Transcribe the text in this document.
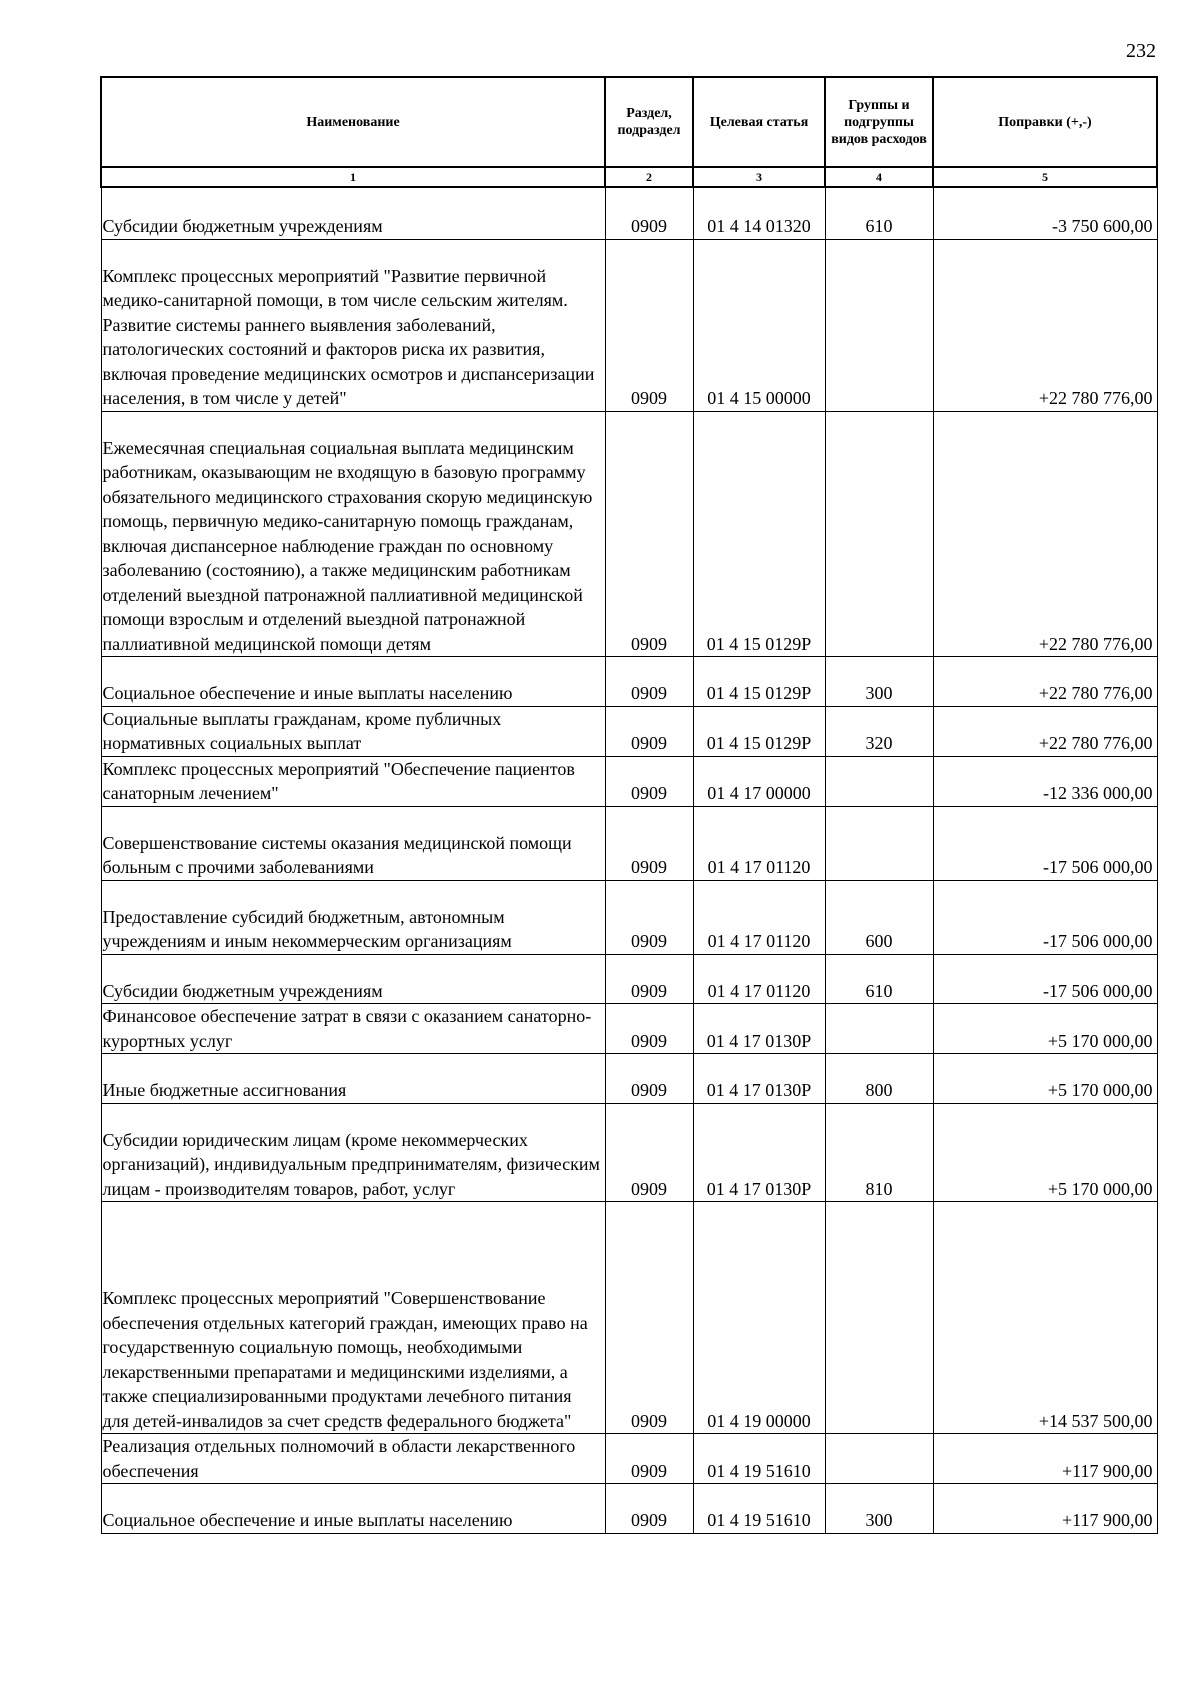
232
Наименование	Раздел, подраздел	Целевая статья	Группы и подгруппы видов расходов	Поправки (+,-)
1	2	3	4	5
Субсидии бюджетным учреждениям	0909	01 4 14 01320	610	-3 750 600,00
Комплекс процессных мероприятий "Развитие первичной медико-санитарной помощи, в том числе сельским жителям. Развитие системы раннего выявления заболеваний, патологических состояний и факторов риска их развития, включая проведение медицинских осмотров и диспансеризации населения, в том числе у детей"	0909	01 4 15 00000		+22 780 776,00
Ежемесячная специальная социальная выплата медицинским работникам, оказывающим не входящую в базовую программу обязательного медицинского страхования скорую медицинскую помощь, первичную медико-санитарную помощь гражданам, включая диспансерное наблюдение граждан по основному заболеванию (состоянию), а также медицинским работникам отделений выездной патронажной паллиативной медицинской помощи взрослым и отделений выездной патронажной паллиативной медицинской помощи детям	0909	01 4 15 0129P		+22 780 776,00
Социальное обеспечение и иные выплаты населению	0909	01 4 15 0129P	300	+22 780 776,00
Социальные выплаты гражданам, кроме публичных нормативных социальных выплат	0909	01 4 15 0129P	320	+22 780 776,00
Комплекс процессных мероприятий "Обеспечение пациентов санаторным лечением"	0909	01 4 17 00000		-12 336 000,00
Совершенствование системы оказания медицинской помощи больным с прочими заболеваниями	0909	01 4 17 01120		-17 506 000,00
Предоставление субсидий бюджетным, автономным учреждениям и иным некоммерческим организациям	0909	01 4 17 01120	600	-17 506 000,00
Субсидии бюджетным учреждениям	0909	01 4 17 01120	610	-17 506 000,00
Финансовое обеспечение затрат в связи с оказанием санаторно-курортных услуг	0909	01 4 17 0130P		+5 170 000,00
Иные бюджетные ассигнования	0909	01 4 17 0130P	800	+5 170 000,00
Субсидии юридическим лицам (кроме некоммерческих организаций), индивидуальным предпринимателям, физическим лицам - производителям товаров, работ, услуг	0909	01 4 17 0130P	810	+5 170 000,00
Комплекс процессных мероприятий "Совершенствование обеспечения отдельных категорий граждан, имеющих право на государственную социальную помощь, необходимыми лекарственными препаратами и медицинскими изделиями, а также специализированными продуктами лечебного питания для детей-инвалидов за счет средств федерального бюджета"	0909	01 4 19 00000		+14 537 500,00
Реализация отдельных полномочий в области лекарственного обеспечения	0909	01 4 19 51610		+117 900,00
Социальное обеспечение и иные выплаты населению	0909	01 4 19 51610	300	+117 900,00
